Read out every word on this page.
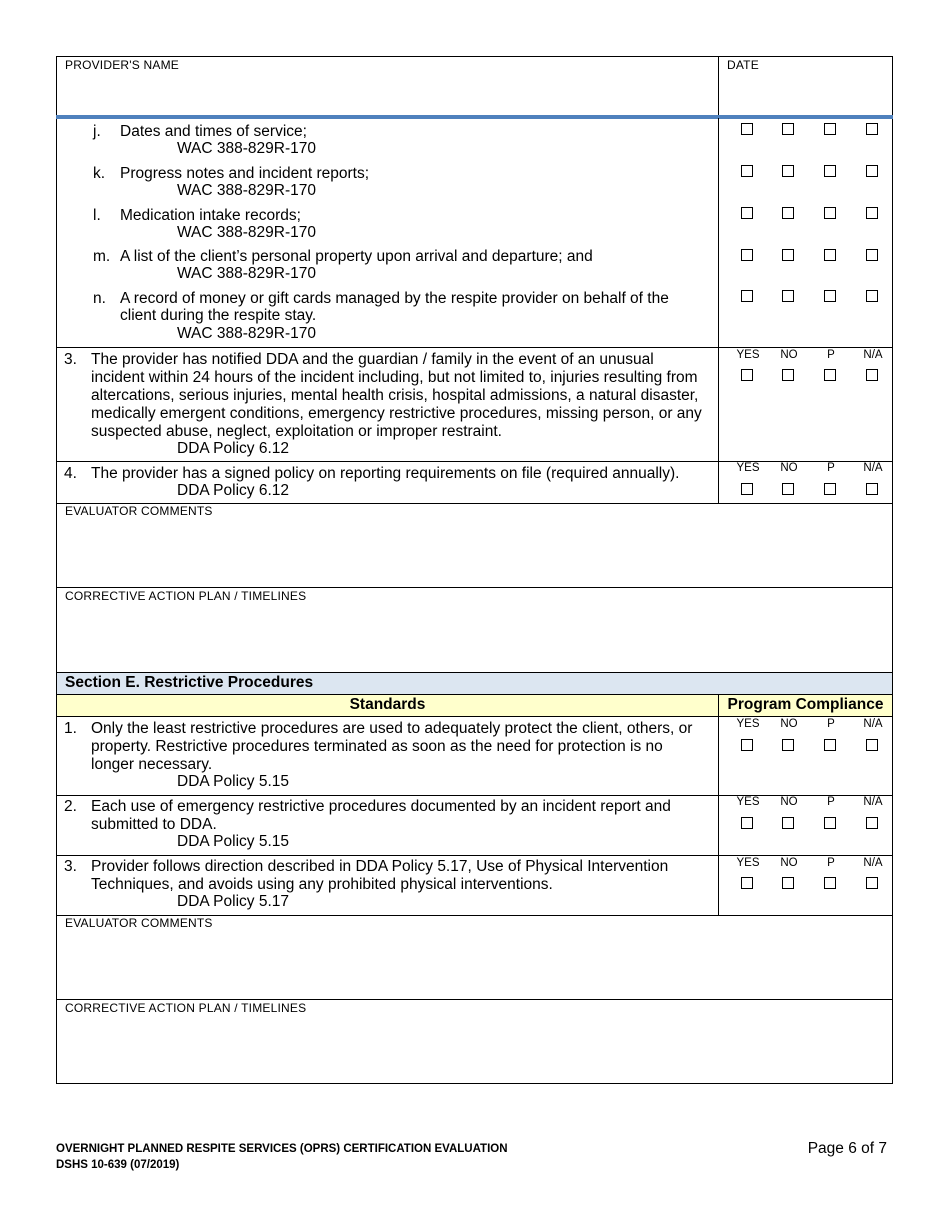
PROVIDER'S NAME	DATE
j. Dates and times of service;
WAC 388-829R-170
k. Progress notes and incident reports;
WAC 388-829R-170
l. Medication intake records;
WAC 388-829R-170
m. A list of the client’s personal property upon arrival and departure; and
WAC 388-829R-170
n. A record of money or gift cards managed by the respite provider on behalf of the
client during the respite stay.
WAC 388-829R-170
3. The provider has notified DDA and the guardian / family in the event of an unusual
incident within 24 hours of the incident including, but not limited to, injuries resulting from
altercations, serious injuries, mental health crisis, hospital admissions, a natural disaster,
medically emergent conditions, emergency restrictive procedures, missing person, or any
suspected abuse, neglect, exploitation or improper restraint.
DDA Policy 6.12
YES	NO	P	N/A
4. The provider has a signed policy on reporting requirements on file (required annually).
DDA Policy 6.12
YES	NO	P	N/A
EVALUATOR COMMENTS
CORRECTIVE ACTION PLAN / TIMELINES
Section E. Restrictive Procedures
Standards	Program Compliance
1. Only the least restrictive procedures are used to adequately protect the client, others, or
property. Restrictive procedures terminated as soon as the need for protection is no
longer necessary.
DDA Policy 5.15
YES	NO	P	N/A
2. Each use of emergency restrictive procedures documented by an incident report and
submitted to DDA.
DDA Policy 5.15
YES	NO	P	N/A
3. Provider follows direction described in DDA Policy 5.17, Use of Physical Intervention
Techniques, and avoids using any prohibited physical interventions.
DDA Policy 5.17
YES	NO	P	N/A
EVALUATOR COMMENTS
CORRECTIVE ACTION PLAN / TIMELINES
OVERNIGHT PLANNED RESPITE SERVICES (OPRS) CERTIFICATION EVALUATION
DSHS 10-639 (07/2019)
Page 6 of 7
